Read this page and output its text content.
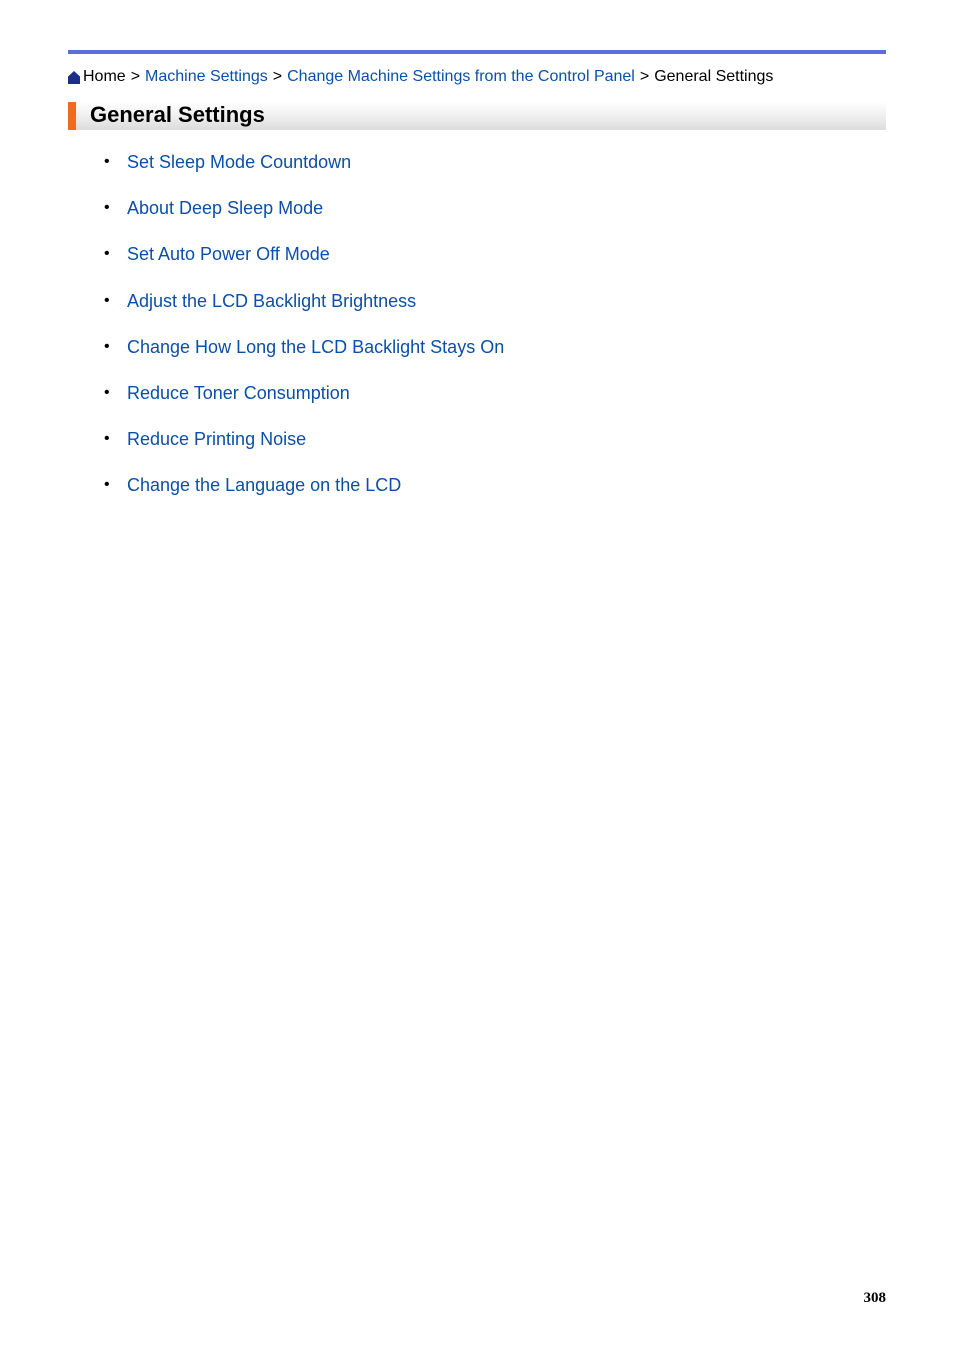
Home > Machine Settings > Change Machine Settings from the Control Panel > General Settings
General Settings
• Set Sleep Mode Countdown
• About Deep Sleep Mode
• Set Auto Power Off Mode
• Adjust the LCD Backlight Brightness
• Change How Long the LCD Backlight Stays On
• Reduce Toner Consumption
• Reduce Printing Noise
• Change the Language on the LCD
308
